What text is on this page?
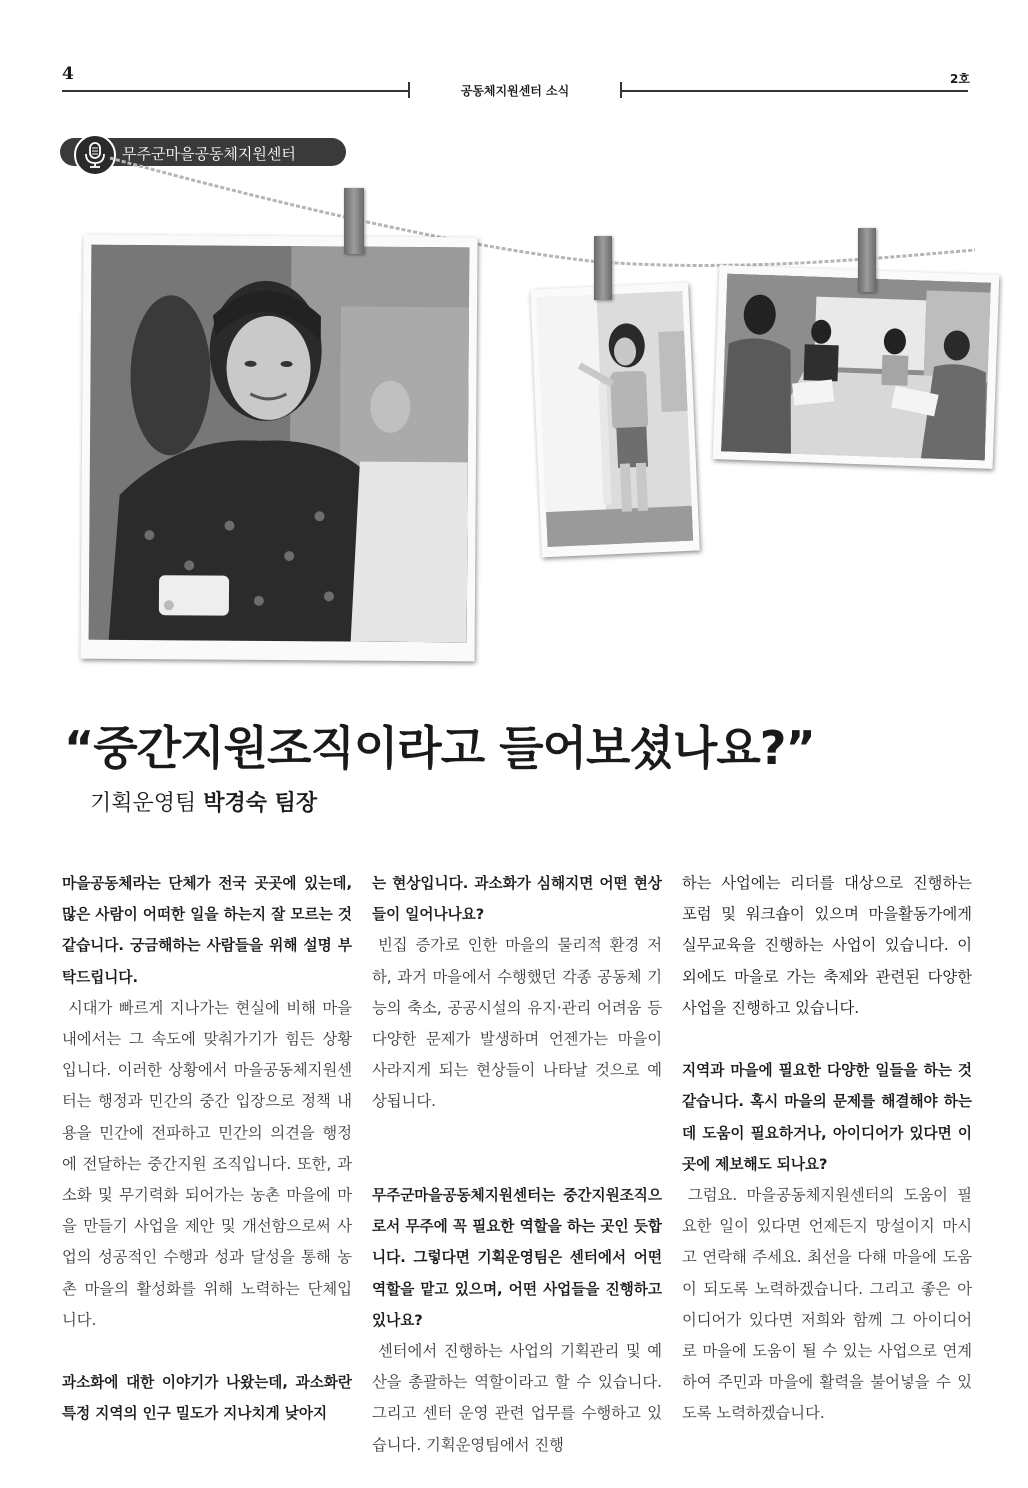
4
공동체지원센터 소식
2호
무주군마을공동체지원센터
“중간지원조직이라고 들어보셨나요?”
기획운영팀 박경숙 팀장

마을공동체라는 단체가 전국 곳곳에 있는데, 많은 사람이 어떠한 일을 하는지 잘 모르는 것 같습니다. 궁금해하는 사람들을 위해 설명 부탁드립니다.

시대가 빠르게 지나가는 현실에 비해 마을 내에서는 그 속도에 맞춰가기가 힘든 상황입니다. 이러한 상황에서 마을공동체지원센터는 행정과 민간의 중간 입장으로 정책 내용을 민간에 전파하고 민간의 의견을 행정에 전달하는 중간지원 조직입니다. 또한, 과소화 및 무기력화 되어가는 농촌 마을에 마을 만들기 사업을 제안 및 개선함으로써 사업의 성공적인 수행과 성과 달성을 통해 농촌 마을의 활성화를 위해 노력하는 단체입니다.

과소화에 대한 이야기가 나왔는데, 과소화란 특정 지역의 인구 밀도가 지나치게 낮아지

는 현상입니다. 과소화가 심해지면 어떤 현상들이 일어나나요?

빈집 증가로 인한 마을의 물리적 환경 저하, 과거 마을에서 수행했던 각종 공동체 기능의 축소, 공공시설의 유지·관리 어려움 등 다양한 문제가 발생하며 언젠가는 마을이 사라지게 되는 현상들이 나타날 것으로 예상됩니다.

무주군마을공동체지원센터는 중간지원조직으로서 무주에 꼭 필요한 역할을 하는 곳인 듯합니다. 그렇다면 기획운영팀은 센터에서 어떤 역할을 맡고 있으며, 어떤 사업들을 진행하고 있나요?

센터에서 진행하는 사업의 기획관리 및 예산을 총괄하는 역할이라고 할 수 있습니다. 그리고 센터 운영 관련 업무를 수행하고 있습니다. 기획운영팀에서 진행

하는 사업에는 리더를 대상으로 진행하는 포럼 및 워크숍이 있으며 마을활동가에게 실무교육을 진행하는 사업이 있습니다. 이 외에도 마을로 가는 축제와 관련된 다양한 사업을 진행하고 있습니다.

지역과 마을에 필요한 다양한 일들을 하는 것 같습니다. 혹시 마을의 문제를 해결해야 하는 데 도움이 필요하거나, 아이디어가 있다면 이곳에 제보해도 되나요?

그럼요. 마을공동체지원센터의 도움이 필요한 일이 있다면 언제든지 망설이지 마시고 연락해 주세요. 최선을 다해 마을에 도움이 되도록 노력하겠습니다. 그리고 좋은 아이디어가 있다면 저희와 함께 그 아이디어로 마을에 도움이 될 수 있는 사업으로 연계하여 주민과 마을에 활력을 불어넣을 수 있도록 노력하겠습니다.
